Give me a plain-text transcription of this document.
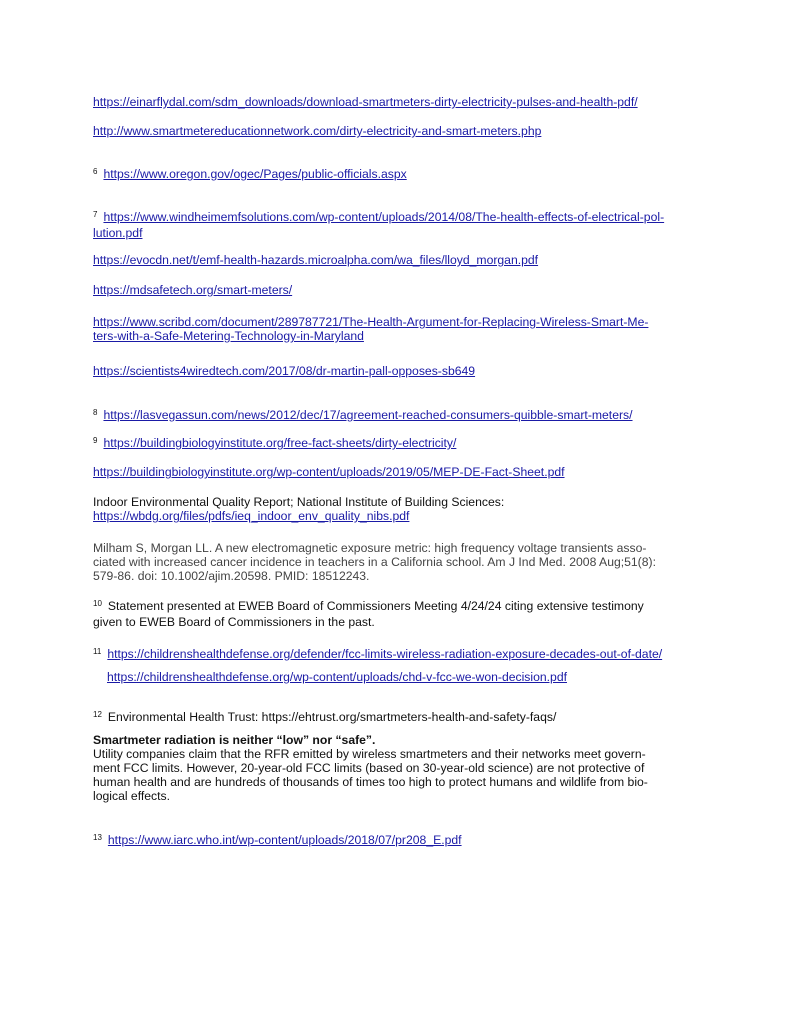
https://einarflydal.com/sdm_downloads/download-smartmeters-dirty-electricity-pulses-and-health-pdf/

http://www.smartmetereducationnetwork.com/dirty-electricity-and-smart-meters.php

$^6$ https://www.oregon.gov/ogec/Pages/public-officials.aspx

$^7$ https://www.windheimemfsolutions.com/wp-content/uploads/2014/08/The-health-effects-of-electrical-pol-
lution.pdf

https://evocdn.net/t/emf-health-hazards.microalpha.com/wa_files/lloyd_morgan.pdf

https://mdsafetech.org/smart-meters/

https://www.scribd.com/document/289787721/The-Health-Argument-for-Replacing-Wireless-Smart-Me-
ters-with-a-Safe-Metering-Technology-in-Maryland

https://scientists4wiredtech.com/2017/08/dr-martin-pall-opposes-sb649

$^8$ https://lasvegassun.com/news/2012/dec/17/agreement-reached-consumers-quibble-smart-meters/

$^9$ https://buildingbiologyinstitute.org/free-fact-sheets/dirty-electricity/

https://buildingbiologyinstitute.org/wp-content/uploads/2019/05/MEP-DE-Fact-Sheet.pdf

Indoor Environmental Quality Report; National Institute of Building Sciences:
https://wbdg.org/files/pdfs/ieq_indoor_env_quality_nibs.pdf

Milham S, Morgan LL. A new electromagnetic exposure metric: high frequency voltage transients asso-
ciated with increased cancer incidence in teachers in a California school. Am J Ind Med. 2008 Aug;51(8):
579-86. doi: 10.1002/ajim.20598. PMID: 18512243.

$^{10}$ Statement presented at EWEB Board of Commissioners Meeting 4/24/24 citing extensive testimony
given to EWEB Board of Commissioners in the past.

$^{11}$ https://childrenshealthdefense.org/defender/fcc-limits-wireless-radiation-exposure-decades-out-of-date/

https://childrenshealthdefense.org/wp-content/uploads/chd-v-fcc-we-won-decision.pdf

$^{12}$ Environmental Health Trust: https://ehtrust.org/smartmeters-health-and-safety-faqs/

Smartmeter radiation is neither “low” nor “safe”.
Utility companies claim that the RFR emitted by wireless smartmeters and their networks meet govern-
ment FCC limits. However, 20-year-old FCC limits (based on 30-year-old science) are not protective of
human health and are hundreds of thousands of times too high to protect humans and wildlife from bio-
logical effects.

$^{13}$ https://www.iarc.who.int/wp-content/uploads/2018/07/pr208_E.pdf
